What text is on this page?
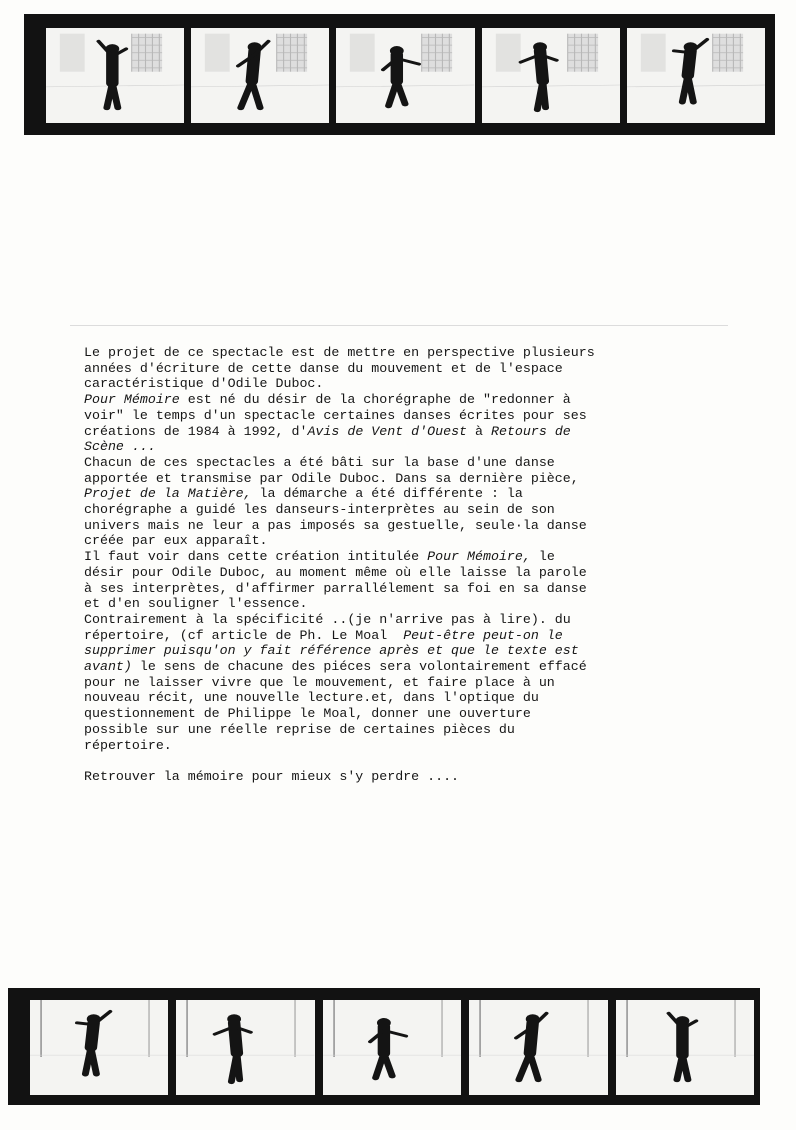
Le projet de ce spectacle est de mettre en perspective plusieurs
années d'écriture de cette danse du mouvement et de l'espace
caractéristique d'Odile Duboc.

Pour Mémoire est né du désir de la chorégraphe de "redonner à
voir" le temps d'un spectacle certaines danses écrites pour ses
créations de 1984 à 1992, d'Avis de Vent d'Ouest à Retours de
Scène ...

Chacun de ces spectacles a été bâti sur la base d'une danse
apportée et transmise par Odile Duboc. Dans sa dernière pièce,
Projet de la Matière, la démarche a été différente : la
chorégraphe a guidé les danseurs-interprètes au sein de son
univers mais ne leur a pas imposés sa gestuelle, seule·la danse
créée par eux apparaît.

Il faut voir dans cette création intitulée Pour Mémoire, le
désir pour Odile Duboc, au moment même où elle laisse la parole
à ses interprètes, d'affirmer parrallélement sa foi en sa danse
et d'en souligner l'essence.

Contrairement à la spécificité ..(je n'arrive pas à lire). du
répertoire, (cf article de Ph. Le Moal  Peut-être peut-on le
supprimer puisqu'on y fait référence après et que le texte est
avant) le sens de chacune des piéces sera volontairement effacé
pour ne laisser vivre que le mouvement, et faire place à un
nouveau récit, une nouvelle lecture.et, dans l'optique du
questionnement de Philippe le Moal, donner une ouverture
possible sur une réelle reprise de certaines pièces du
répertoire.

Retrouver la mémoire pour mieux s'y perdre ....
